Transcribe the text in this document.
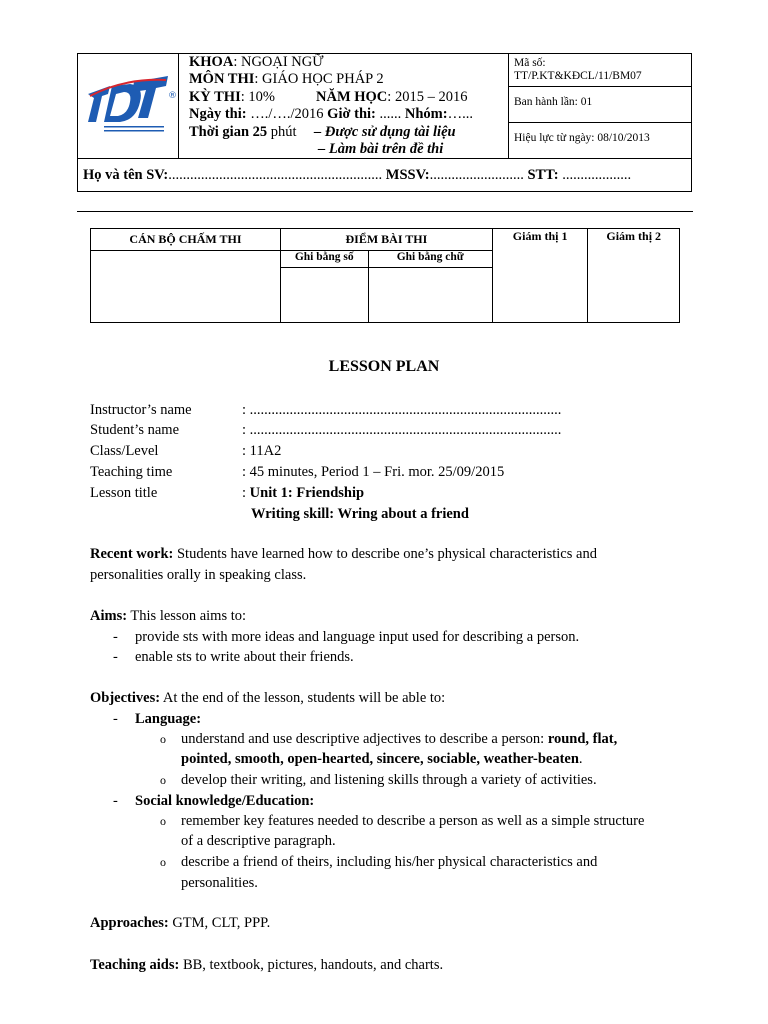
®
KHOA: NGOẠI NGỮ
MÔN THI: GIÁO HỌC PHÁP 2
KỲ THI: 10%	NĂM HỌC: 2015 – 2016
Ngày thi: …./…./2016 Giờ thi: ...... Nhóm:…...
Thời gian 25 phút – Được sử dụng tài liệu
– Làm bài trên đề thi
Mã số:
TT/P.KT&KĐCL/11/BM07
Ban hành lần: 01
Hiệu lực từ ngày: 08/10/2013
Họ và tên SV:........................................................... MSSV:.......................... STT: ...................
CÁN BỘ CHẤM THI	ĐIỂM BÀI THI		Giám thị 1	Giám thị 2
	Ghi bằng số	Ghi bằng chữ		

LESSON PLAN
Instructor’s name	: ......................................................................................
Student’s name	: ......................................................................................
Class/Level	: 11A2
Teaching time	: 45 minutes, Period 1 – Fri. mor. 25/09/2015
Lesson title	: Unit 1: Friendship
Writing skill: Wring about a friend
Recent work: Students have learned how to describe one’s physical characteristics and
personalities orally in speaking class.
Aims: This lesson aims to:
- provide sts with more ideas and language input used for describing a person.
- enable sts to write about their friends.
Objectives: At the end of the lesson, students will be able to:
- Language:
o understand and use descriptive adjectives to describe a person: round, flat,
pointed, smooth, open-hearted, sincere, sociable, weather-beaten.
o develop their writing, and listening skills through a variety of activities.
- Social knowledge/Education:
o remember key features needed to describe a person as well as a simple structure
of a descriptive paragraph.
o describe a friend of theirs, including his/her physical characteristics and
personalities.
Approaches: GTM, CLT, PPP.
Teaching aids: BB, textbook, pictures, handouts, and charts.
